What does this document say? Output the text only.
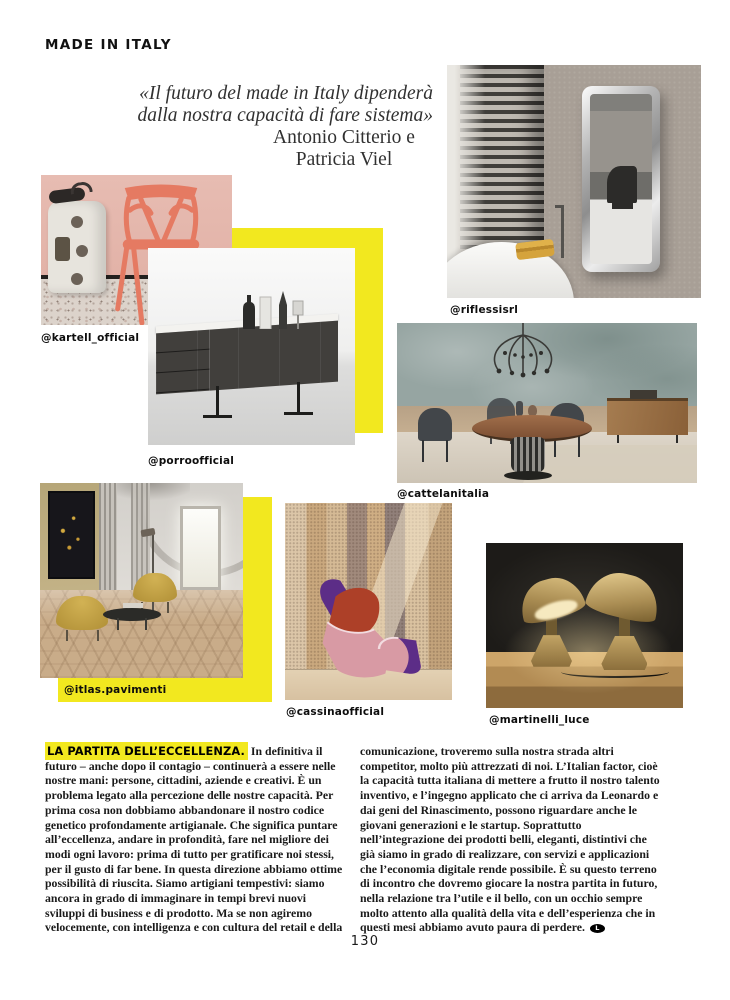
MADE IN ITALY
«Il futuro del made in Italy dipenderà
dalla nostra capacità di fare sistema»
Antonio Citterio e
Patricia Viel
@kartell_official
@porroofficial
@riflessisrl
@cattelanitalia
@itlas.pavimenti
@cassinaofficial
@martinelli_luce
LA PARTITA DELL’ECCELLENZA. In definitiva il futuro – anche dopo il contagio – continuerà a essere nelle nostre mani: persone, cittadini, aziende e creativi. È un problema legato alla percezione delle nostre capacità. Per prima cosa non dobbiamo abbandonare il nostro codice genetico profondamente artigianale. Che significa puntare all’eccellenza, andare in profondità, fare nel migliore dei modi ogni lavoro: prima di tutto per gratificare noi stessi, per il gusto di far bene. In questa direzione abbiamo ottime possibilità di riuscita. Siamo artigiani tempestivi: siamo ancora in grado di immaginare in tempi brevi nuovi sviluppi di business e di prodotto. Ma se non agiremo velocemente, con intelligenza e con cultura del retail e della
comunicazione, troveremo sulla nostra strada altri competitor, molto più attrezzati di noi. L’Italian factor, cioè la capacità tutta italiana di mettere a frutto il nostro talento inventivo, e l’ingegno applicato che ci arriva da Leonardo e dai geni del Rinascimento, possono riguardare anche le giovani generazioni e le startup. Soprattutto nell’integrazione dei prodotti belli, eleganti, distintivi che già siamo in grado di realizzare, con servizi e applicazioni che l’economia digitale rende possibile. È su questo terreno di incontro che dovremo giocare la nostra partita in futuro, nella relazione tra l’utile e il bello, con un occhio sempre molto attento alla qualità della vita e dell’esperienza che in questi mesi abbiamo avuto paura di perdere. L
130
